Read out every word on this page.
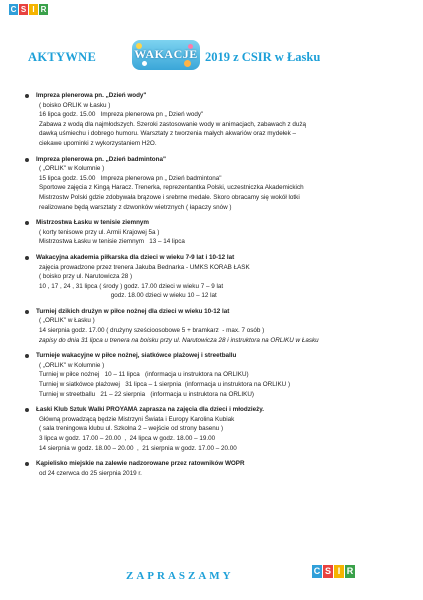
C S I R
AKTYWNE	WAKACJE 2019 z CSIR w Łasku
Impreza plenerowa pn. „Dzień wody"
( boisko ORLIK w Łasku )
16 lipca godz. 15.00   Impreza plenerowa pn „ Dzień wody"
Zabawa z wodą dla najmłodszych. Szeroki zastosowanie wody w animacjach, zabawach z dużą
dawką uśmiechu i dobrego humoru. Warsztaty z tworzenia małych akwariów oraz mydełek –
ciekawe upominki z wykorzystaniem H2O.
Impreza plenerowa pn. „Dzień badmintona"
( „ORLIK" w Kolumnie )
15 lipca godz. 15.00   Impreza plenerowa pn „ Dzień badmintona"
Sportowe zajęcia z Kingą Haracz. Trenerka, reprezentantka Polski, uczestniczka Akademickich
Mistrzostw Polski gdzie zdobywała brązowe i srebrne medale. Skoro obracamy się wokół lotki
realizowane będą warsztaty z dzwonków wietrznych ( łapaczy snów )
Mistrzostwa Łasku w tenisie ziemnym
( korty tenisowe przy ul. Armii Krajowej 5a )
Mistrzostwa Łasku w tenisie ziemnym   13 – 14 lipca
Wakacyjna akademia piłkarska dla dzieci w wieku 7-9 lat i 10-12 lat
zajęcia prowadzone przez trenera Jakuba Bednarka - UMKS KORAB ŁASK
( boisko przy ul. Narutowicza 28 )
10 , 17 , 24 , 31 lipca ( środy ) godz. 17.00 dzieci w wieku 7 – 9 lat
godz. 18.00 dzieci w wieku 10 – 12 lat
Turniej dzikich drużyn w piłce nożnej dla dzieci w wieku 10-12 lat
( „ORLIK" w Łasku )
14 sierpnia godz. 17.00 ( drużyny sześcioosobowe 5 + bramkarz  - max. 7 osób )
zapisy do dnia 31 lipca u trenera na boisku przy ul. Narutowicza 28 i instruktora na ORLIKU w Łasku
Turnieje wakacyjne w piłce nożnej, siatkówce plażowej i streetballu
( „ORLIK" w Kolumnie )
Turniej w piłce nożnej   10 – 11 lipca   (informacja u instruktora na ORLIKU)
Turniej w siatkówce plażowej   31 lipca – 1 sierpnia  (informacja u instruktora na ORLIKU )
Turniej w streetballu   21 – 22 sierpnia   (informacja u instruktora na ORLIKU)
Łaski Klub Sztuk Walki PROYAMA zaprasza na zajęcia dla dzieci i młodzieży.
Główną prowadzącą będzie Mistrzyni Świata i Europy Karolina Kubiak
( sala treningowa klubu ul. Szkolna 2 – wejście od strony basenu )
3 lipca w godz. 17.00 – 20.00  ,  24 lipca w godz. 18.00 – 19.00
14 sierpnia w godz. 18.00 – 20.00  ,  21 sierpnia w godz. 17.00 – 20.00
Kąpielisko miejskie na zalewie nadzorowane przez ratowników WOPR
od 24 czerwca do 25 sierpnia 2019 r.
ZAPRASZAMY	C S I R
